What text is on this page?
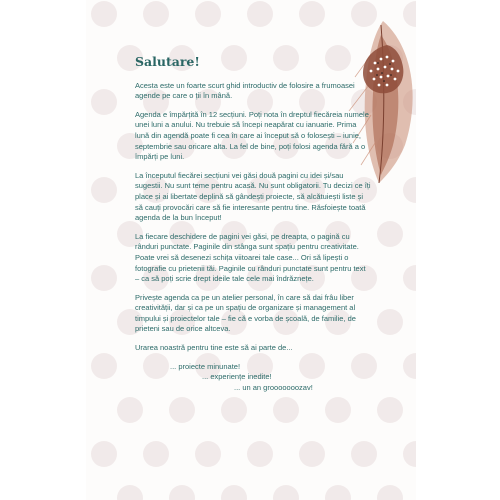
Salutare!
Acesta este un foarte scurt ghid introductiv de folosire a frumoasei agende pe care o ții în mână.
Agenda e împărțită în 12 secțiuni. Poți nota în dreptul fiecăreia numele unei luni a anului. Nu trebuie să începi neapărat cu ianuarie. Prima lună din agendă poate fi cea în care ai început să o folosești – iunie, septembrie sau oricare alta. La fel de bine, poți folosi agenda fără a o împărți pe luni.
La începutul fiecărei secțiuni vei găsi două pagini cu idei și/sau sugestii. Nu sunt teme pentru acasă. Nu sunt obligatorii. Tu decizi ce îți place și ai libertate deplină să gândești proiecte, să alcătuiești liste și să cauți provocări care să fie interesante pentru tine. Răsfoiește toată agenda de la bun început!
La fiecare deschidere de pagini vei găsi, pe dreapta, o pagină cu rânduri punctate. Paginile din stânga sunt spațiu pentru creativitate. Poate vrei să desenezi schița viitoarei tale case... Ori să lipești o fotografie cu prietenii tăi. Paginile cu rânduri punctate sunt pentru text – ca să poți scrie drept ideile tale cele mai îndrăznețe.
Privește agenda ca pe un atelier personal, în care să dai frâu liber creativității, dar și ca pe un spațiu de organizare și management al timpului și proiectelor tale – fie că e vorba de școală, de familie, de prieteni sau de orice altceva.
Urarea noastră pentru tine este să ai parte de...
... proiecte minunate!
... experiențe inedite!
... un an grooooooozav!
